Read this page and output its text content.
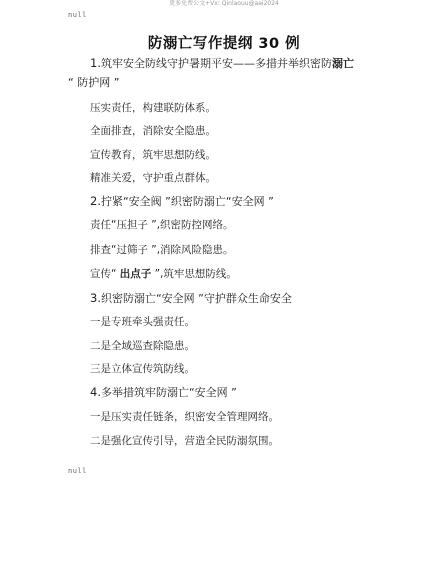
更多免费公文+Vx: Qinlaouu@aai2024
null
防溺亡写作提纲 30 例
1.筑牢安全防线守护暑期平安——多措并举织密防溺亡
“ 防护网 ”
压实责任，构建联防体系。
全面排查，消除安全隐患。
宣传教育，筑牢思想防线。
精准关爱，守护重点群体。
2.拧紧“安全阀 ”织密防溺亡“安全网 ”
责任“压担子 ”,织密防控网络。
排查“过筛子 ”,消除风险隐患。
宣传“ 出点子 ”,筑牢思想防线。
3.织密防溺亡“安全网 ”守护群众生命安全
一是专班牵头强责任。
二是全域巡查除隐患。
三是立体宣传筑防线。
4.多举措筑牢防溺亡“安全网 ”
一是压实责任链条，织密安全管理网络。
二是强化宣传引导，营造全民防溺氛围。
null
